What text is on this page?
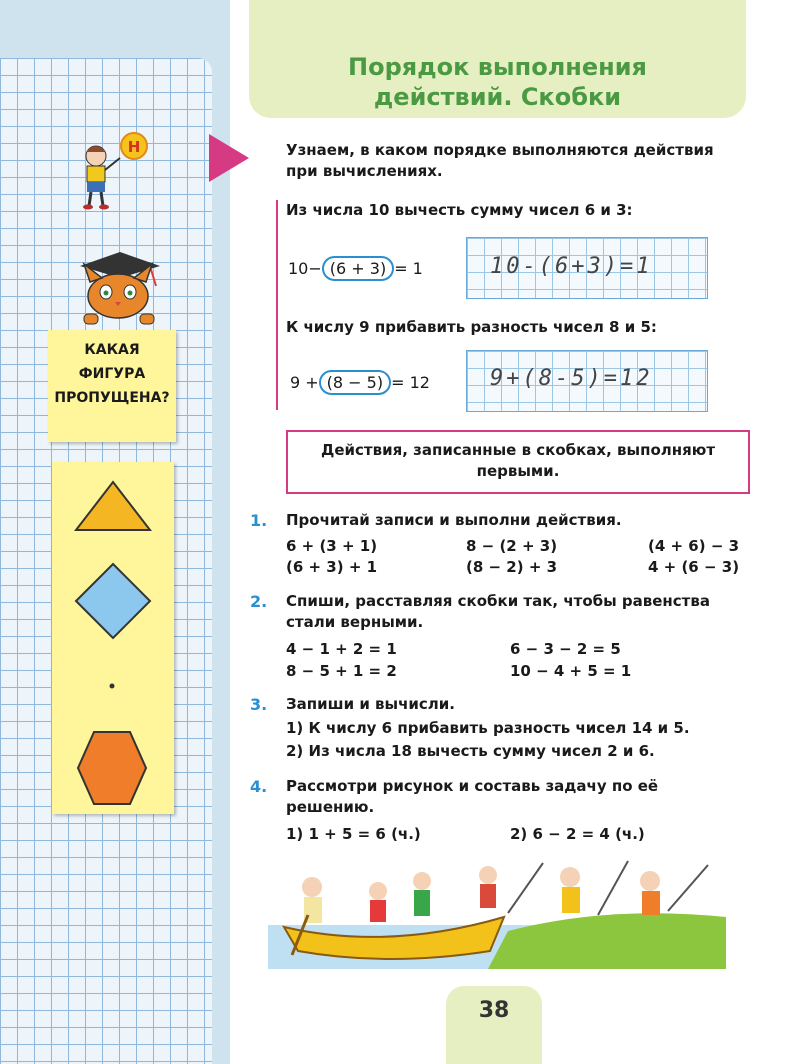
Порядок выполнения
действий. Скобки
Н
КАКАЯ
ФИГУРА
ПРОПУЩЕНА?
Узнаем, в каком порядке выполняются действия
при вычислениях.
Из числа 10 вычесть сумму чисел 6 и 3:
10− (6 + 3) = 1	10-(6+3)=1
К числу 9 прибавить разность чисел 8 и 5:
9 + (8 − 5) = 12	9+(8-5)=12
Действия, записанные в скобках, выполняют
первыми.
1. Прочитай записи и выполни действия.
6 + (3 + 1)	8 − (2 + 3)	(4 + 6) − 3
(6 + 3) + 1	(8 − 2) + 3	4 + (6 − 3)
2. Спиши, расставляя скобки так, чтобы равенства
стали верными.
4 − 1 + 2 = 1	6 − 3 − 2 = 5
8 − 5 + 1 = 2	10 − 4 + 5 = 1
3. Запиши и вычисли.
1) К числу 6 прибавить разность чисел 14 и 5.
2) Из числа 18 вычесть сумму чисел 2 и 6.
4. Рассмотри рисунок и составь задачу по её
решению.
1) 1 + 5 = 6 (ч.)	2) 6 − 2 = 4 (ч.)
38
